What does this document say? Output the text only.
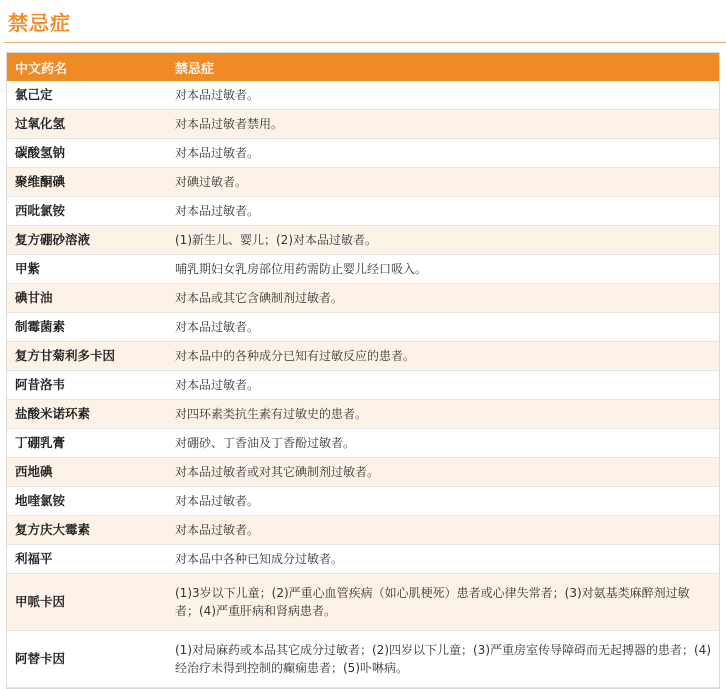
禁忌症
中文药名	禁忌症
氯己定	对本品过敏者。
过氧化氢	对本品过敏者禁用。
碳酸氢钠	对本品过敏者。
聚维酮碘	对碘过敏者。
西吡氯铵	对本品过敏者。
复方硼砂溶液	(1)新生儿、婴儿；(2)对本品过敏者。
甲紫	哺乳期妇女乳房部位用药需防止婴儿经口吸入。
碘甘油	对本品或其它含碘制剂过敏者。
制霉菌素	对本品过敏者。
复方甘菊利多卡因	对本品中的各种成分已知有过敏反应的患者。
阿昔洛韦	对本品过敏者。
盐酸米诺环素	对四环素类抗生素有过敏史的患者。
丁硼乳膏	对硼砂、丁香油及丁香酚过敏者。
西地碘	对本品过敏者或对其它碘制剂过敏者。
地喹氯铵	对本品过敏者。
复方庆大霉素	对本品过敏者。
利福平	对本品中各种已知成分过敏者。
甲哌卡因	(1)3岁以下儿童；(2)严重心血管疾病（如心肌梗死）患者或心律失常者；(3)对氨基类麻醉剂过敏者；(4)严重肝病和肾病患者。
阿替卡因	(1)对局麻药或本品其它成分过敏者；(2)四岁以下儿童；(3)严重房室传导障碍而无起搏器的患者；(4)经治疗未得到控制的癫痫患者；(5)卟啉病。
